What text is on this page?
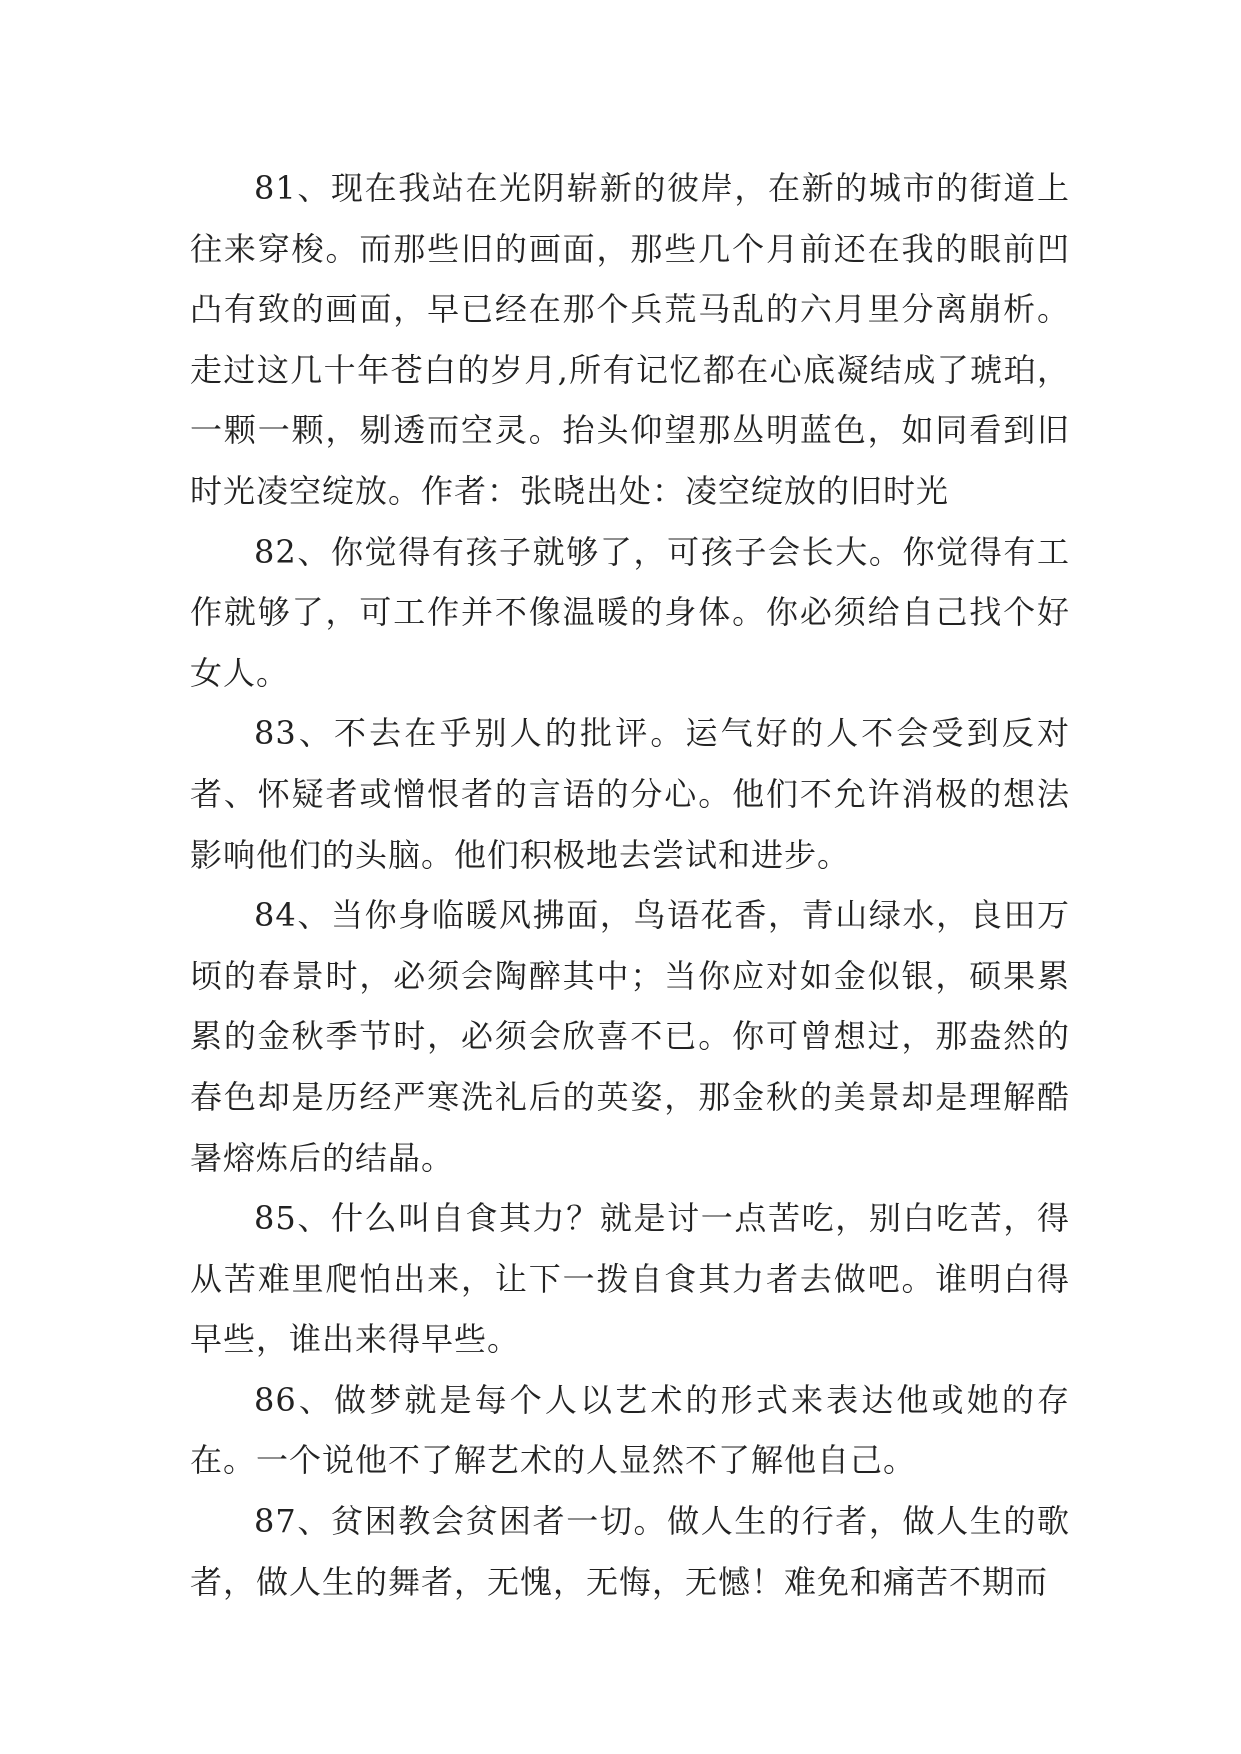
81、现在我站在光阴崭新的彼岸，在新的城市的街道上往来穿梭。而那些旧的画面，那些几个月前还在我的眼前凹凸有致的画面，早已经在那个兵荒马乱的六月里分离崩析。走过这几十年苍白的岁月,所有记忆都在心底凝结成了琥珀，一颗一颗，剔透而空灵。抬头仰望那丛明蓝色，如同看到旧时光凌空绽放。作者：张晓出处：凌空绽放的旧时光

82、你觉得有孩子就够了，可孩子会长大。你觉得有工作就够了，可工作并不像温暖的身体。你必须给自己找个好女人。

83、不去在乎别人的批评。运气好的人不会受到反对者、怀疑者或憎恨者的言语的分心。他们不允许消极的想法影响他们的头脑。他们积极地去尝试和进步。

84、当你身临暖风拂面，鸟语花香，青山绿水，良田万顷的春景时，必须会陶醉其中；当你应对如金似银，硕果累累的金秋季节时，必须会欣喜不已。你可曾想过，那盎然的春色却是历经严寒洗礼后的英姿，那金秋的美景却是理解酷暑熔炼后的结晶。

85、什么叫自食其力？就是讨一点苦吃，别白吃苦，得从苦难里爬怕出来，让下一拨自食其力者去做吧。谁明白得早些，谁出来得早些。

86、做梦就是每个人以艺术的形式来表达他或她的存在。一个说他不了解艺术的人显然不了解他自己。

87、贫困教会贫困者一切。做人生的行者，做人生的歌者，做人生的舞者，无愧，无悔，无憾！难免和痛苦不期而
